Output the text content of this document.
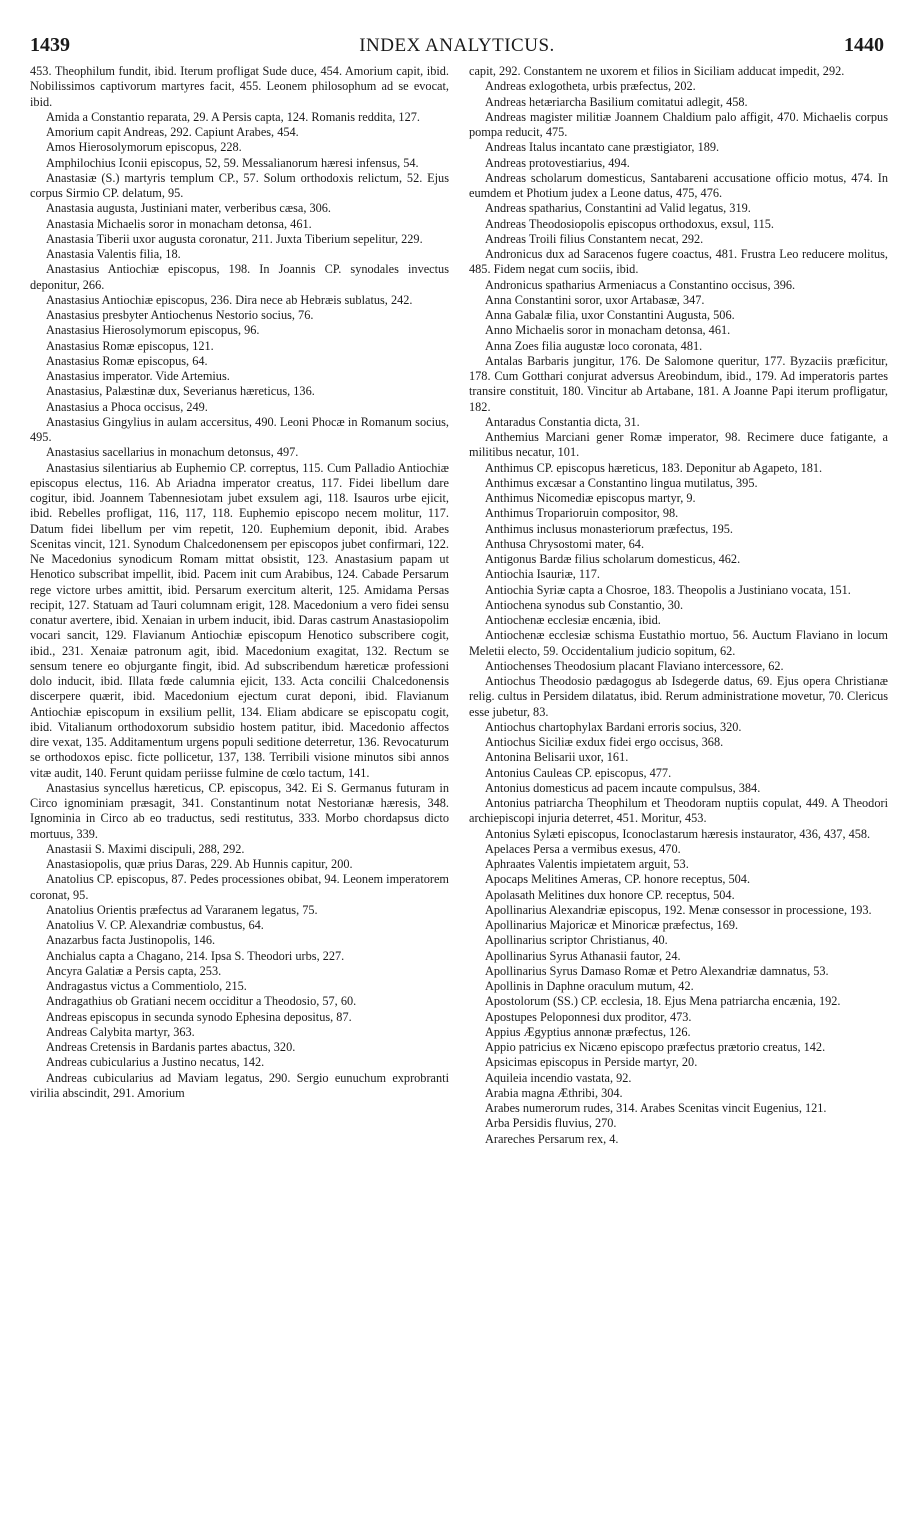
1439	INDEX ANALYTICUS.	1440

453. Theophilum fundit, ibid. Iterum profligat Sude duce, 454. Amorium capit, ibid. Nobilissimos captivorum martyres facit, 455. Leonem philosophum ad se evocat, ibid.

Amida a Constantio reparata, 29. A Persis capta, 124. Romanis reddita, 127.

Amorium capit Andreas, 292. Capiunt Arabes, 454.

Amos Hierosolymorum episcopus, 228.

Amphilochius Iconii episcopus, 52, 59. Messalianorum hæresi infensus, 54.

Anastasiæ (S.) martyris templum CP., 57. Solum orthodoxis relictum, 52. Ejus corpus Sirmio CP. delatum, 95.

Anastasia augusta, Justiniani mater, verberibus cæsa, 306.

Anastasia Michaelis soror in monacham detonsa, 461.

Anastasia Tiberii uxor augusta coronatur, 211. Juxta Tiberium sepelitur, 229.

Anastasia Valentis filia, 18.

Anastasius Antiochiæ episcopus, 198. In Joannis CP. synodales invectus deponitur, 266.

Anastasius Antiochiæ episcopus, 236. Dira nece ab Hebræis sublatus, 242.

Anastasius presbyter Antiochenus Nestorio socius, 76.

Anastasius Hierosolymorum episcopus, 96.

Anastasius Romæ episcopus, 121.

Anastasius Romæ episcopus, 64.

Anastasius imperator. Vide Artemius.

Anastasius, Palæstinæ dux, Severianus hæreticus, 136.

Anastasius a Phoca occisus, 249.

Anastasius Gingylius in aulam accersitus, 490. Leoni Phocæ in Romanum socius, 495.

Anastasius sacellarius in monachum detonsus, 497.

Anastasius silentiarius ab Euphemio CP. correptus, 115. Cum Palladio Antiochiæ episcopus electus, 116. Ab Ariadna imperator creatus, 117. Fidei libellum dare cogitur, ibid. Joannem Tabennesiotam jubet exsulem agi, 118. Isauros urbe ejicit, ibid. Rebelles profligat, 116, 117, 118. Euphemio episcopo necem molitur, 117. Datum fidei libellum per vim repetit, 120. Euphemium deponit, ibid. Arabes Scenitas vincit, 121. Synodum Chalcedonensem per episcopos jubet confirmari, 122. Ne Macedonius synodicum Romam mittat obsistit, 123. Anastasium papam ut Henotico subscribat impellit, ibid. Pacem init cum Arabibus, 124. Cabade Persarum rege victore urbes amittit, ibid. Persarum exercitum alterit, 125. Amidama Persas recipit, 127. Statuam ad Tauri columnam erigit, 128. Macedonium a vero fidei sensu conatur avertere, ibid. Xenaian in urbem inducit, ibid. Daras castrum Anastasiopolim vocari sancit, 129. Flavianum Antiochiæ episcopum Henotico subscribere cogit, ibid., 231. Xenaiæ patronum agit, ibid. Macedonium exagitat, 132. Rectum se sensum tenere eo objurgante fingit, ibid. Ad subscribendum hæreticæ professioni dolo inducit, ibid. Illata fœde calumnia ejicit, 133. Acta concilii Chalcedonensis discerpere quærit, ibid. Macedonium ejectum curat deponi, ibid. Flavianum Antiochiæ episcopum in exsilium pellit, 134. Eliam abdicare se episcopatu cogit, ibid. Vitalianum orthodoxorum subsidio hostem patitur, ibid. Macedonio affectos dire vexat, 135. Additamentum urgens populi seditione deterretur, 136. Revocaturum se orthodoxos episc. ficte pollicetur, 137, 138. Terribili visione minutos sibi annos vitæ audit, 140. Ferunt quidam periisse fulmine de cœlo tactum, 141.

Anastasius syncellus hæreticus, CP. episcopus, 342. Ei S. Germanus futuram in Circo ignominiam præsagit, 341. Constantinum notat Nestorianæ hæresis, 348. Ignominia in Circo ab eo traductus, sedi restitutus, 333. Morbo chordapsus dicto mortuus, 339.

Anastasii S. Maximi discipuli, 288, 292.

Anastasiopolis, quæ prius Daras, 229. Ab Hunnis capitur, 200.

Anatolius CP. episcopus, 87. Pedes processiones obibat, 94. Leonem imperatorem coronat, 95.

Anatolius Orientis præfectus ad Vararanem legatus, 75.

Anatolius V. CP. Alexandriæ combustus, 64.

Anazarbus facta Justinopolis, 146.

Anchialus capta a Chagano, 214. Ipsa S. Theodori urbs, 227.

Ancyra Galatiæ a Persis capta, 253.

Andragastus victus a Commentiolo, 215.

Andragathius ob Gratiani necem occiditur a Theodosio, 57, 60.

Andreas episcopus in secunda synodo Ephesina depositus, 87.

Andreas Calybita martyr, 363.

Andreas Cretensis in Bardanis partes abactus, 320.

Andreas cubicularius a Justino necatus, 142.

Andreas cubicularius ad Maviam legatus, 290. Sergio eunuchum exprobranti virilia abscindit, 291. Amorium

capit, 292. Constantem ne uxorem et filios in Siciliam adducat impedit, 292.

Andreas exlogotheta, urbis præfectus, 202.

Andreas hetæriarcha Basilium comitatui adlegit, 458.

Andreas magister militiæ Joannem Chaldium palo affigit, 470. Michaelis corpus pompa reducit, 475.

Andreas Italus incantato cane præstigiator, 189.

Andreas protovestiarius, 494.

Andreas scholarum domesticus, Santabareni accusatione officio motus, 474. In eumdem et Photium judex a Leone datus, 475, 476.

Andreas spatharius, Constantini ad Valid legatus, 319.

Andreas Theodosiopolis episcopus orthodoxus, exsul, 115.

Andreas Troili filius Constantem necat, 292.

Andronicus dux ad Saracenos fugere coactus, 481. Frustra Leo reducere molitus, 485. Fidem negat cum sociis, ibid.

Andronicus spatharius Armeniacus a Constantino occisus, 396.

Anna Constantini soror, uxor Artabasæ, 347.

Anna Gabalæ filia, uxor Constantini Augusta, 506.

Anno Michaelis soror in monacham detonsa, 461.

Anna Zoes filia augustæ loco coronata, 481.

Antalas Barbaris jungitur, 176. De Salomone queritur, 177. Byzaciis præficitur, 178. Cum Gotthari conjurat adversus Areobindum, ibid., 179. Ad imperatoris partes transire constituit, 180. Vincitur ab Artabane, 181. A Joanne Papi iterum profligatur, 182.

Antaradus Constantia dicta, 31.

Anthemius Marciani gener Romæ imperator, 98. Recimere duce fatigante, a militibus necatur, 101.

Anthimus CP. episcopus hæreticus, 183. Deponitur ab Agapeto, 181.

Anthimus excæsar a Constantino lingua mutilatus, 395.

Anthimus Nicomediæ episcopus martyr, 9.

Anthimus Troparioruin compositor, 98.

Anthimus inclusus monasteriorum præfectus, 195.

Anthusa Chrysostomi mater, 64.

Antigonus Bardæ filius scholarum domesticus, 462.

Antiochia Isauriæ, 117.

Antiochia Syriæ capta a Chosroe, 183. Theopolis a Justiniano vocata, 151.

Antiochena synodus sub Constantio, 30.

Antiochenæ ecclesiæ encænia, ibid.

Antiochenæ ecclesiæ schisma Eustathio mortuo, 56. Auctum Flaviano in locum Meletii electo, 59. Occidentalium judicio sopitum, 62.

Antiochenses Theodosium placant Flaviano intercessore, 62.

Antiochus Theodosio pædagogus ab Isdegerde datus, 69. Ejus opera Christianæ relig. cultus in Persidem dilatatus, ibid. Rerum administratione movetur, 70. Clericus esse jubetur, 83.

Antiochus chartophylax Bardani erroris socius, 320.

Antiochus Siciliæ exdux fidei ergo occisus, 368.

Antonina Belisarii uxor, 161.

Antonius Cauleas CP. episcopus, 477.

Antonius domesticus ad pacem incaute compulsus, 384.

Antonius patriarcha Theophilum et Theodoram nuptiis copulat, 449. A Theodori archiepiscopi injuria deterret, 451. Moritur, 453.

Antonius Sylæti episcopus, Iconoclastarum hæresis instaurator, 436, 437, 458.

Apelaces Persa a vermibus exesus, 470.

Aphraates Valentis impietatem arguit, 53.

Apocaps Melitines Ameras, CP. honore receptus, 504.

Apolasath Melitines dux honore CP. receptus, 504.

Apollinarius Alexandriæ episcopus, 192. Menæ consessor in processione, 193.

Apollinarius Majoricæ et Minoricæ præfectus, 169.

Apollinarius scriptor Christianus, 40.

Apollinarius Syrus Athanasii fautor, 24.

Apollinarius Syrus Damaso Romæ et Petro Alexandriæ damnatus, 53.

Apollinis in Daphne oraculum mutum, 42.

Apostolorum (SS.) CP. ecclesia, 18. Ejus Mena patriarcha encænia, 192.

Apostupes Peloponnesi dux proditor, 473.

Appius Ægyptius annonæ præfectus, 126.

Appio patricius ex Nicæno episcopo præfectus prætorio creatus, 142.

Apsicimas episcopus in Perside martyr, 20.

Aquileia incendio vastata, 92.

Arabia magna Æthribi, 304.

Arabes numerorum rudes, 314. Arabes Scenitas vincit Eugenius, 121.

Arba Persidis fluvius, 270.

Arareches Persarum rex, 4.
